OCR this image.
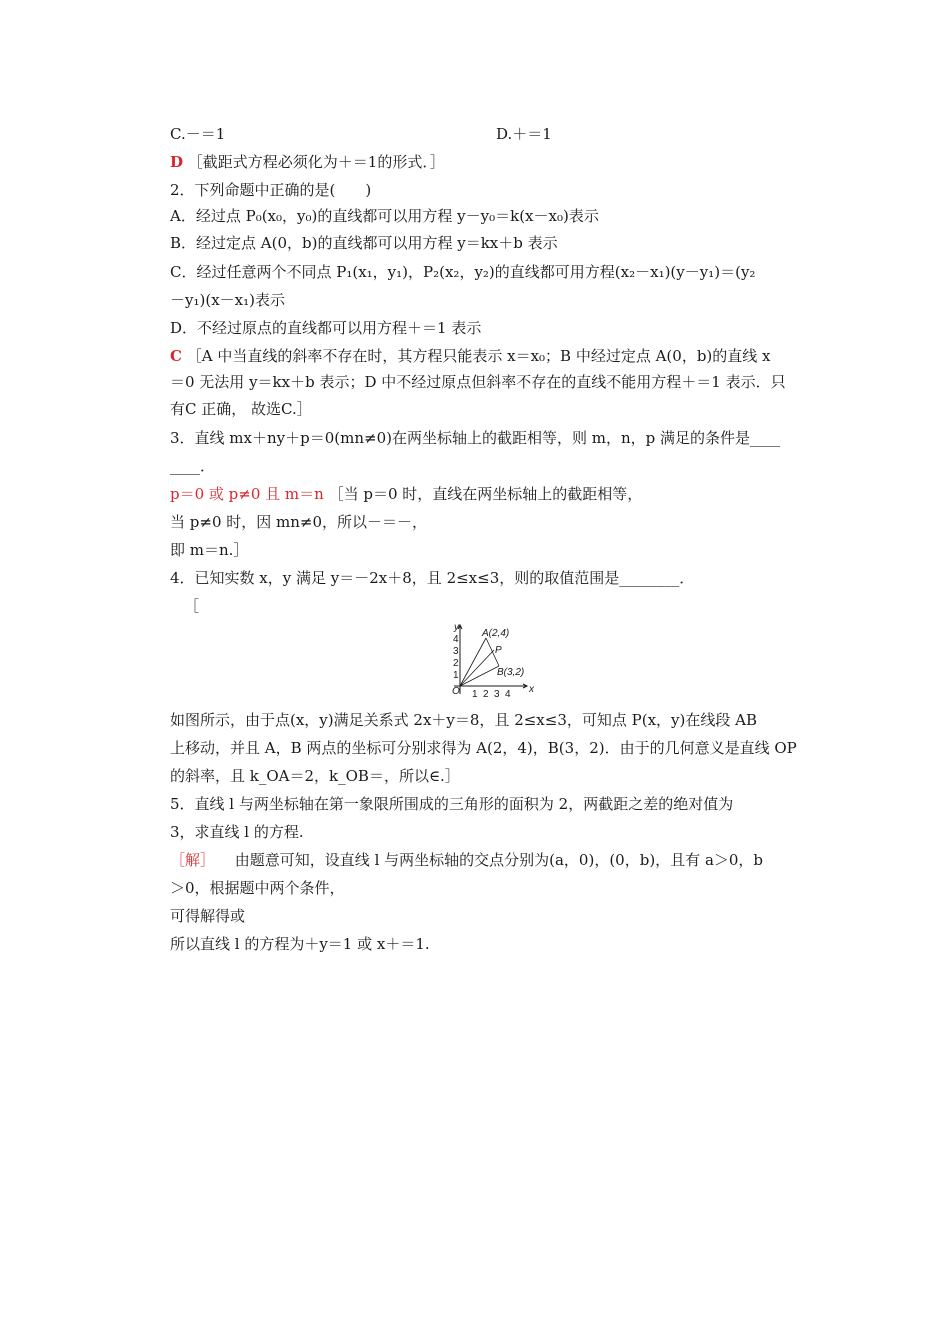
C.－＝1	D.＋＝1
D ［截距式方程必须化为＋＝1的形式．］
2．下列命题中正确的是(　　)
A．经过点 P₀(x₀，y₀)的直线都可以用方程 y－y₀＝k(x－x₀)表示
B．经过定点 A(0，b)的直线都可以用方程 y＝kx＋b 表示
C．经过任意两个不同点 P₁(x₁，y₁)，P₂(x₂，y₂)的直线都可用方程(x₂－x₁)(y－y₁)＝(y₂
－y₁)(x－x₁)表示
D．不经过原点的直线都可以用方程＋＝1 表示
C ［A 中当直线的斜率不存在时，其方程只能表示 x＝x₀；B 中经过定点 A(0，b)的直线 x
＝0 无法用 y＝kx＋b 表示；D 中不经过原点但斜率不存在的直线不能用方程＋＝1 表示．只
有C 正确， 故选C.］
3．直线 mx＋ny＋p＝0(mn≠0)在两坐标轴上的截距相等，则 m，n，p 满足的条件是____
____．
p＝0 或 p≠0 且 m＝n ［当 p＝0 时，直线在两坐标轴上的截距相等，
当 p≠0 时，因 mn≠0，所以－＝－，
即 m＝n.］
4．已知实数 x，y 满足 y＝－2x＋8，且 2≤x≤3，则的取值范围是________．
［
y
x
O
4
3
2
1
1 2 3 4
A(2,4)
P
B(3,2)
如图所示，由于点(x，y)满足关系式 2x＋y＝8，且 2≤x≤3，可知点 P(x，y)在线段 AB
上移动，并且 A，B 两点的坐标可分别求得为 A(2，4)，B(3，2)．由于的几何意义是直线 OP
的斜率，且 k_OA＝2，k_OB＝，所以∈.］
5．直线 l 与两坐标轴在第一象限所围成的三角形的面积为 2，两截距之差的绝对值为
3，求直线 l 的方程.
［解］ 　由题意可知，设直线 l 与两坐标轴的交点分别为(a，0)，(0，b)，且有 a＞0，b
＞0，根据题中两个条件，
可得解得或
所以直线 l 的方程为＋y＝1 或 x＋＝1.
